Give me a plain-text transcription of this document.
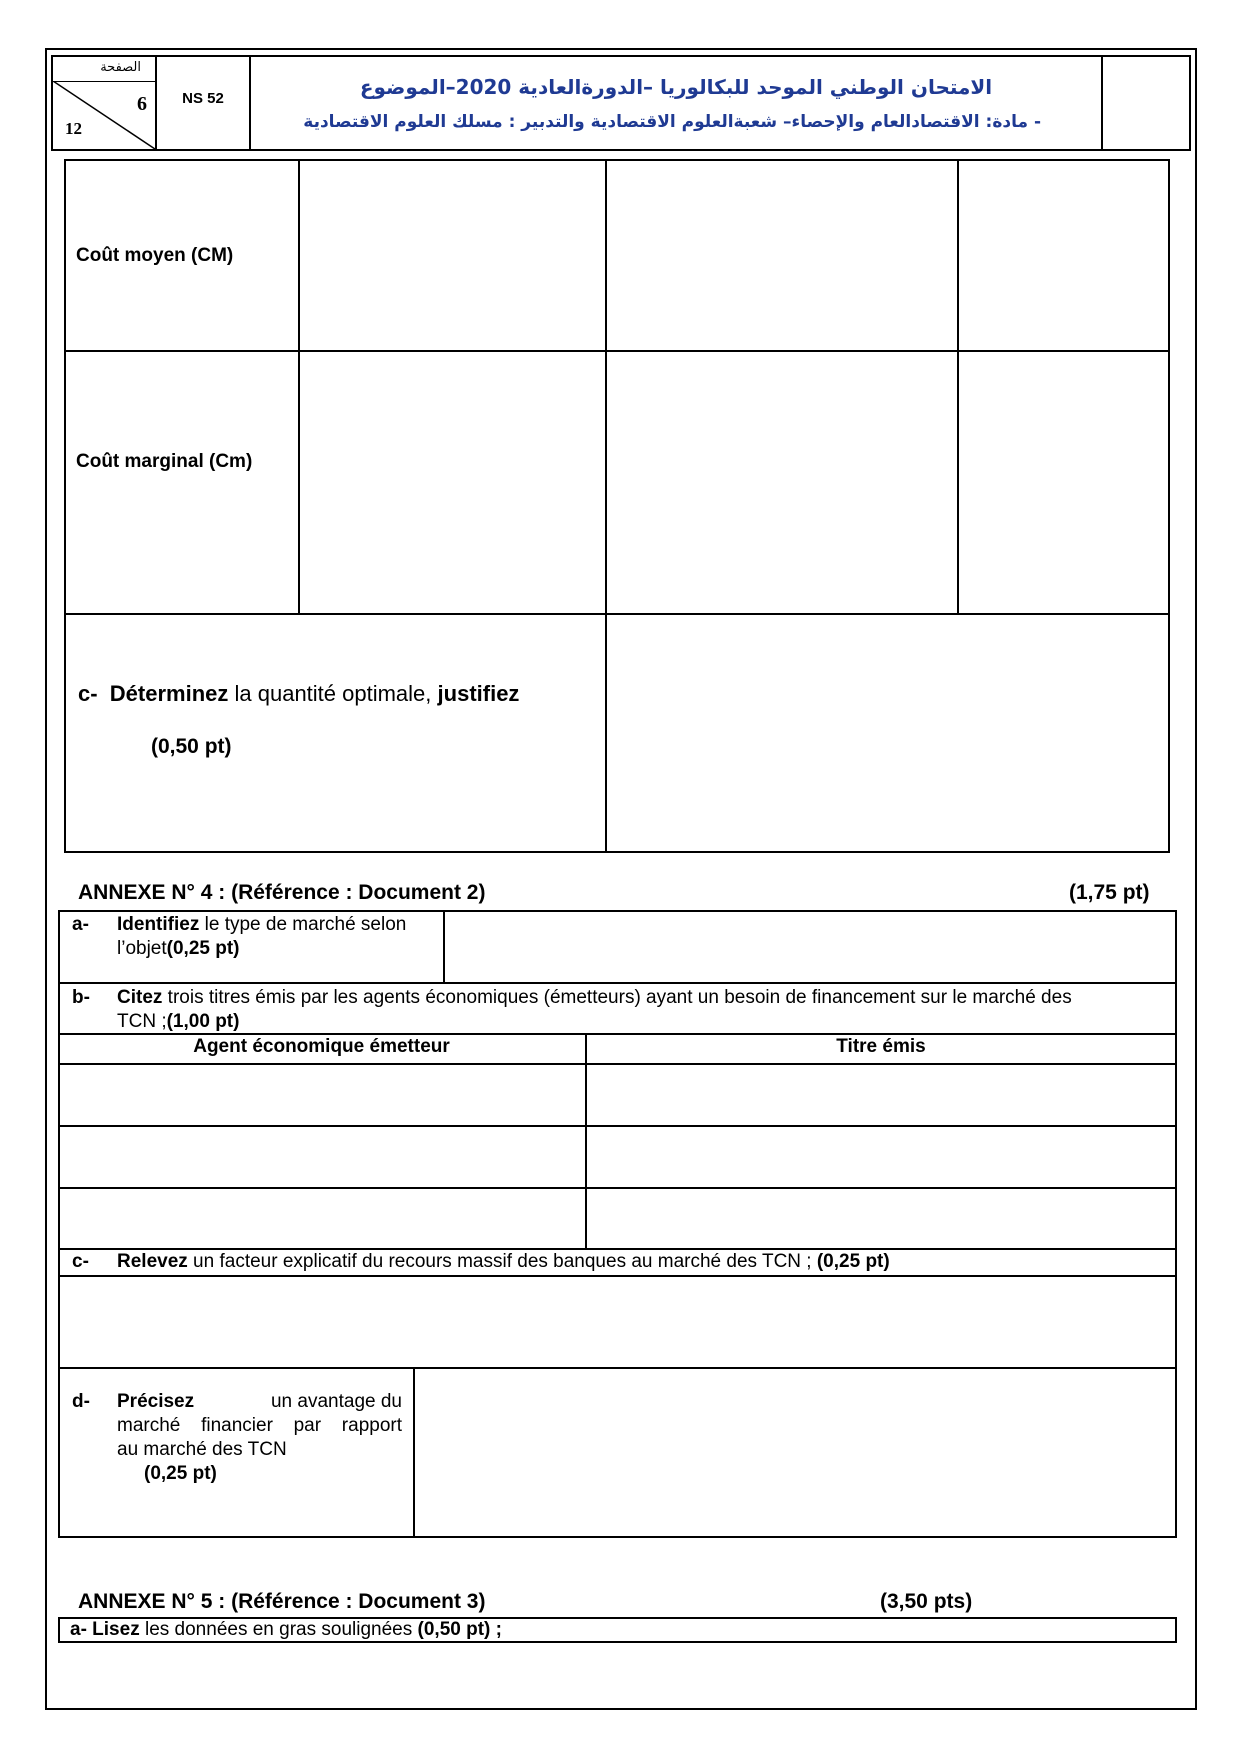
الصفحة
6
12
NS 52	الامتحان الوطني الموحد للبكالوريا –الدورةالعادية 2020–الموضوع
- مادة: الاقتصادالعام والإحصاء– شعبةالعلوم الاقتصادية والتدبير : مسلك العلوم الاقتصادية
Coût moyen (CM)
Coût marginal (Cm)
c- Déterminez la quantité optimale, justifiez
(0,50 pt)
ANNEXE N° 4 : (Référence : Document 2)	(1,75 pt)
a- Identifiez le type de marché selon
l’objet(0,25 pt)
b- Citez trois titres émis par les agents économiques (émetteurs) ayant un besoin de financement sur le marché des
TCN ;(1,00 pt)
Agent économique émetteur	Titre émis
c- Relevez un facteur explicatif du recours massif des banques au marché des TCN ; (0,25 pt)
d- Précisez	un avantage du
marché financier par rapport
au marché des TCN
(0,25 pt)
ANNEXE N° 5 : (Référence : Document 3)	(3,50 pts)
a- Lisez les données en gras soulignées (0,50 pt) ;
